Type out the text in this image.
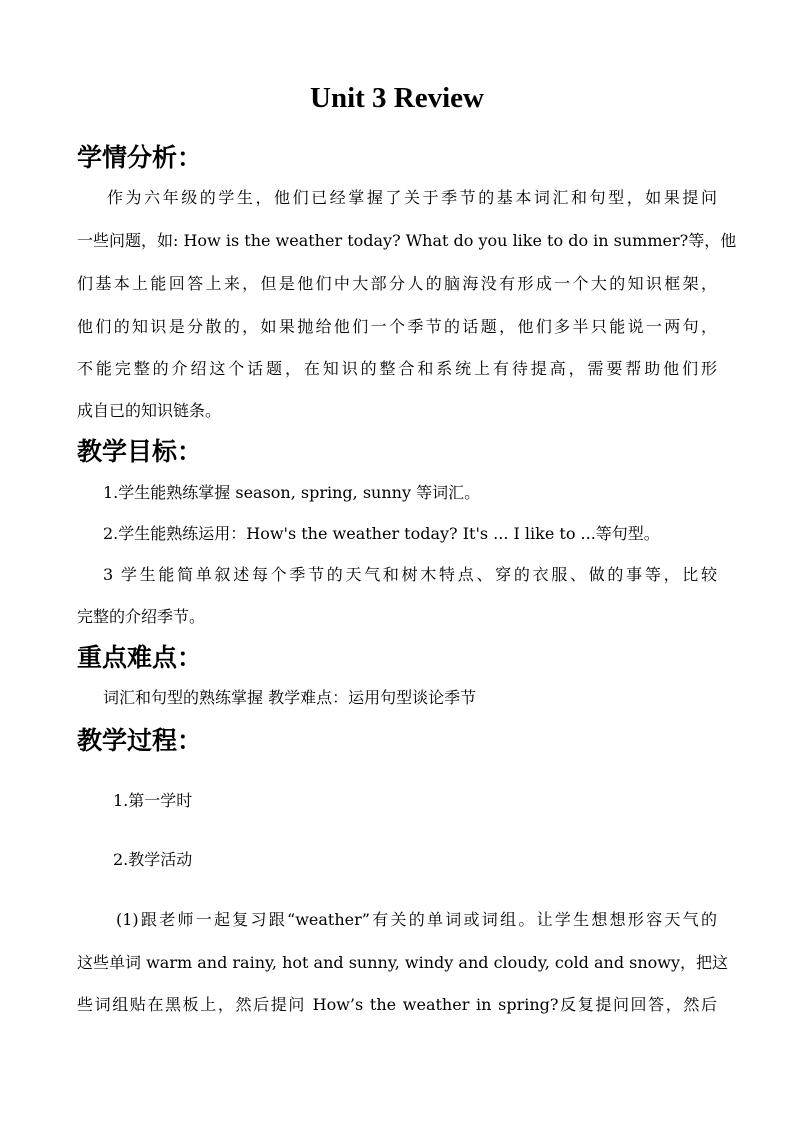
Unit 3 Review
学情分析：
作为六年级的学生，他们已经掌握了关于季节的基本词汇和句型，如果提问
一些问题，如: How is the weather today? What do you like to do in summer?等，他
们基本上能回答上来，但是他们中大部分人的脑海没有形成一个大的知识框架，
他们的知识是分散的，如果抛给他们一个季节的话题，他们多半只能说一两句，
不能完整的介绍这个话题，在知识的整合和系统上有待提高，需要帮助他们形
成自已的知识链条。
教学目标：
1.学生能熟练掌握 season, spring, sunny 等词汇。
2.学生能熟练运用：How's the weather today? It's ... I like to ...等句型。
3 学生能简单叙述每个季节的天气和树木特点、穿的衣服、做的事等，比较
完整的介绍季节。
重点难点：
词汇和句型的熟练掌握 教学难点：运用句型谈论季节
教学过程：
1.第一学时
2.教学活动
(1)跟老师一起复习跟“weather”有关的单词或词组。让学生想想形容天气的
这些单词 warm and rainy, hot and sunny, windy and cloudy, cold and snowy，把这
些词组贴在黑板上，然后提问 How’s the weather in spring?反复提问回答，然后
